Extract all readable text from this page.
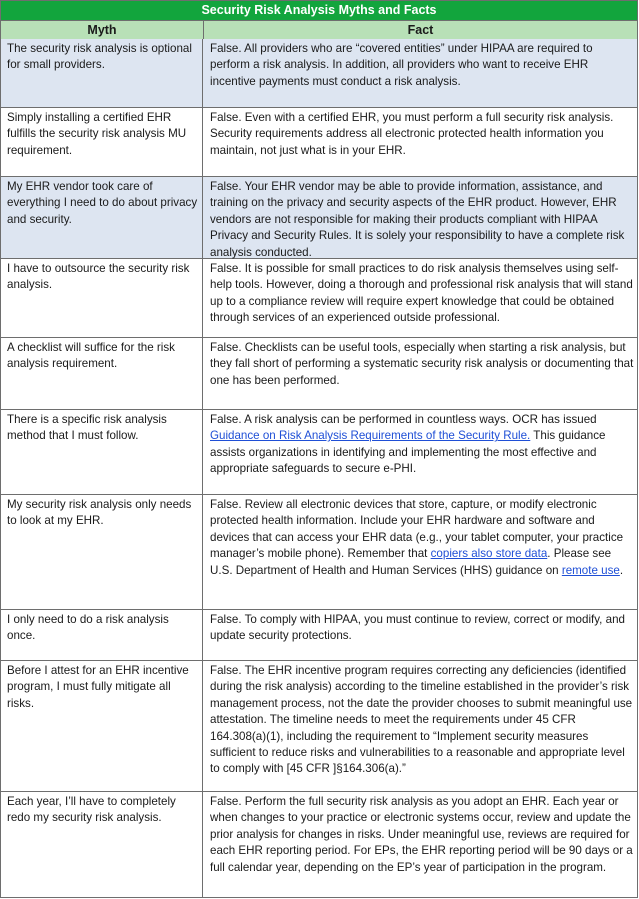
Security Risk Analysis Myths and Facts
Myth	Fact
The security risk analysis is optional for small providers.
False. All providers who are “covered entities” under HIPAA are required to perform a risk analysis. In addition, all providers who want to receive EHR incentive payments must conduct a risk analysis.
Simply installing a certified EHR fulfills the security risk analysis MU requirement.
False. Even with a certified EHR, you must perform a full security risk analysis. Security requirements address all electronic protected health information you maintain, not just what is in your EHR.
My EHR vendor took care of everything I need to do about privacy and security.
False. Your EHR vendor may be able to provide information, assistance, and training on the privacy and security aspects of the EHR product. However, EHR vendors are not responsible for making their products compliant with HIPAA Privacy and Security Rules. It is solely your responsibility to have a complete risk analysis conducted.
I have to outsource the security risk analysis.
False. It is possible for small practices to do risk analysis themselves using self-help tools. However, doing a thorough and professional risk analysis that will stand up to a compliance review will require expert knowledge that could be obtained through services of an experienced outside professional.
A checklist will suffice for the risk analysis requirement.
False. Checklists can be useful tools, especially when starting a risk analysis, but they fall short of performing a systematic security risk analysis or documenting that one has been performed.
There is a specific risk analysis method that I must follow.
False. A risk analysis can be performed in countless ways. OCR has issued Guidance on Risk Analysis Requirements of the Security Rule. This guidance assists organizations in identifying and implementing the most effective and appropriate safeguards to secure e-PHI.
My security risk analysis only needs to look at my EHR.
False. Review all electronic devices that store, capture, or modify electronic protected health information. Include your EHR hardware and software and devices that can access your EHR data (e.g., your tablet computer, your practice manager’s mobile phone). Remember that copiers also store data. Please see U.S. Department of Health and Human Services (HHS) guidance on remote use.
I only need to do a risk analysis once.
False. To comply with HIPAA, you must continue to review, correct or modify, and update security protections.
Before I attest for an EHR incentive program, I must fully mitigate all risks.
False. The EHR incentive program requires correcting any deficiencies (identified during the risk analysis) according to the timeline established in the provider’s risk management process, not the date the provider chooses to submit meaningful use attestation. The timeline needs to meet the requirements under 45 CFR 164.308(a)(1), including the requirement to “Implement security measures sufficient to reduce risks and vulnerabilities to a reasonable and appropriate level to comply with [45 CFR ]§164.306(a).”
Each year, I’ll have to completely redo my security risk analysis.
False. Perform the full security risk analysis as you adopt an EHR. Each year or when changes to your practice or electronic systems occur, review and update the prior analysis for changes in risks. Under meaningful use, reviews are required for each EHR reporting period. For EPs, the EHR reporting period will be 90 days or a full calendar year, depending on the EP’s year of participation in the program.
